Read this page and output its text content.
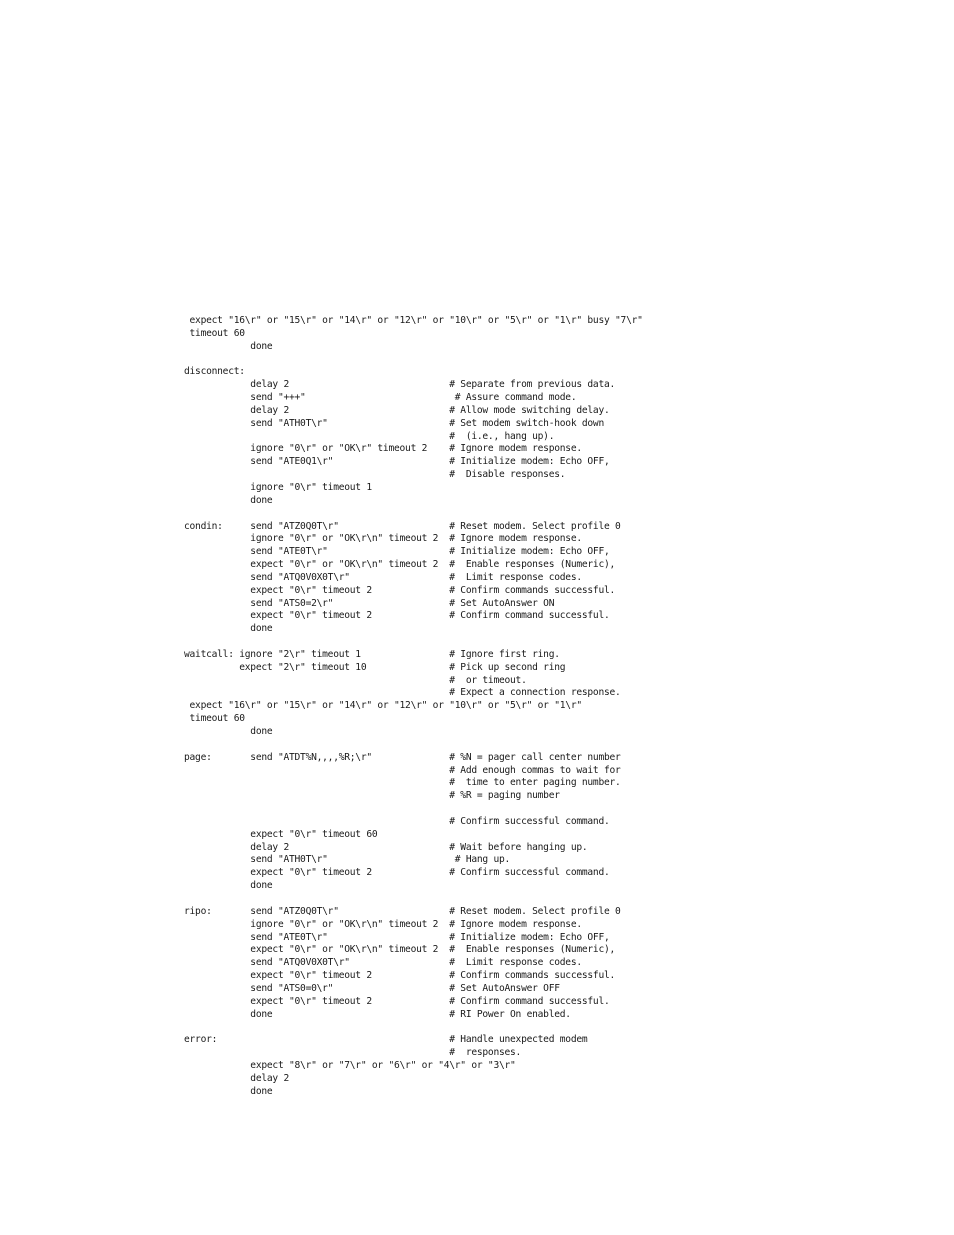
expect "16\r" or "15\r" or "14\r" or "12\r" or "10\r" or "5\r" or "1\r" busy "7\r"
timeout 60
done
disconnect:
delay 2                             # Separate from previous data.
send "+++"                           # Assure command mode.
delay 2                             # Allow mode switching delay.
send "ATH0T\r"                      # Set modem switch-hook down
#  (i.e., hang up).
ignore "0\r" or "OK\r" timeout 2    # Ignore modem response.
send "ATE0Q1\r"                     # Initialize modem: Echo OFF,
#  Disable responses.
ignore "0\r" timeout 1
done
condin:     send "ATZ0Q0T\r"                    # Reset modem. Select profile 0
ignore "0\r" or "OK\r\n" timeout 2  # Ignore modem response.
send "ATE0T\r"                      # Initialize modem: Echo OFF,
expect "0\r" or "OK\r\n" timeout 2  #  Enable responses (Numeric),
send "ATQ0V0X0T\r"                  #  Limit response codes.
expect "0\r" timeout 2              # Confirm commands successful.
send "ATS0=2\r"                     # Set AutoAnswer ON
expect "0\r" timeout 2              # Confirm command successful.
done
waitcall: ignore "2\r" timeout 1                # Ignore first ring.
expect "2\r" timeout 10               # Pick up second ring
#  or timeout.
# Expect a connection response.
expect "16\r" or "15\r" or "14\r" or "12\r" or "10\r" or "5\r" or "1\r"
timeout 60
done
page:       send "ATDT%N,,,,%R;\r"              # %N = pager call center number
# Add enough commas to wait for
#  time to enter paging number.
# %R = paging number
# Confirm successful command.
expect "0\r" timeout 60
delay 2                             # Wait before hanging up.
send "ATH0T\r"                       # Hang up.
expect "0\r" timeout 2              # Confirm successful command.
done
ripo:       send "ATZ0Q0T\r"                    # Reset modem. Select profile 0
ignore "0\r" or "OK\r\n" timeout 2  # Ignore modem response.
send "ATE0T\r"                      # Initialize modem: Echo OFF,
expect "0\r" or "OK\r\n" timeout 2  #  Enable responses (Numeric),
send "ATQ0V0X0T\r"                  #  Limit response codes.
expect "0\r" timeout 2              # Confirm commands successful.
send "ATS0=0\r"                     # Set AutoAnswer OFF
expect "0\r" timeout 2              # Confirm command successful.
done                                # RI Power On enabled.
error:                                          # Handle unexpected modem
#  responses.
expect "8\r" or "7\r" or "6\r" or "4\r" or "3\r"
delay 2
done
